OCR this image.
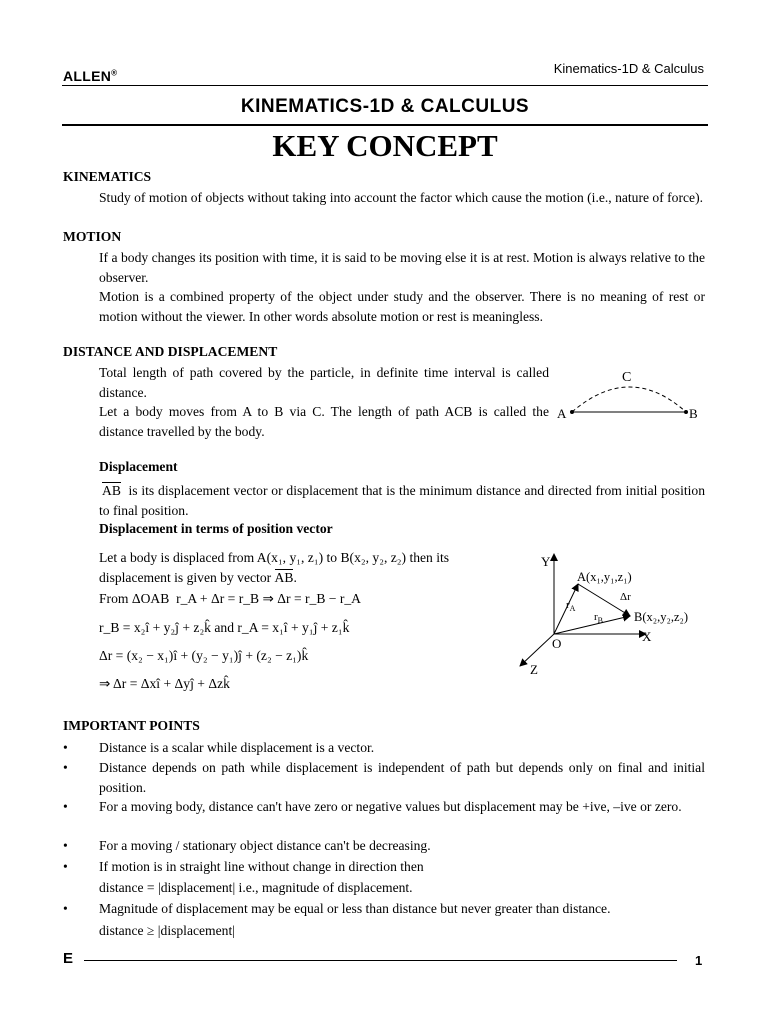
Kinematics-1D & Calculus
ALLEN®
KINEMATICS-1D & CALCULUS
KEY CONCEPT
KINEMATICS
Study of motion of objects without taking into account the factor which cause the motion (i.e., nature of force).
MOTION
If a body changes its position with time, it is said to be moving else it is at rest. Motion is always relative to the observer.
Motion is a combined property of the object under study and the observer. There is no meaning of rest or motion without the viewer. In other words absolute motion or rest is meaningless.
DISTANCE AND DISPLACEMENT
Total length of path covered by the particle, in definite time interval is called distance.
Let a body moves from A to B via C. The length of path ACB is called the distance travelled by the body.
A	B
C
Displacement
AB is its displacement vector or displacement that is the minimum distance and directed from initial position to final position.
Displacement in terms of position vector
Let a body is displaced from A(x₁, y₁, z₁) to B(x₂, y₂, z₂) then its
displacement is given by vector AB.
From ΔOAB r_A + Δr = r_B ⇒ Δr = r_B − r_A
r_B = x₂î + y₂ĵ + z₂k̂ and r_A = x₁î + y₁ĵ + z₁k̂
Δr = (x₂ − x₁)î + (y₂ − y₁)ĵ + (z₂ − z₁)k̂
⇒ Δr = Δxî + Δyĵ + Δzk̂
Y
X
Z
O
A(x₁,y₁,z₁)
B(x₂,y₂,z₂)
$r_A$
$r_B$
Δr
IMPORTANT POINTS
• Distance is a scalar while displacement is a vector.
• Distance depends on path while displacement is independent of path but depends only on final and initial position.
• For a moving body, distance can't have zero or negative values but displacement may be +ive, –ive or zero.
• For a moving / stationary object distance can't be decreasing.
• If motion is in straight line without change in direction then
distance = |displacement| i.e., magnitude of displacement.
• Magnitude of displacement may be equal or less than distance but never greater than distance.
distance ≥ |displacement|
E	1
